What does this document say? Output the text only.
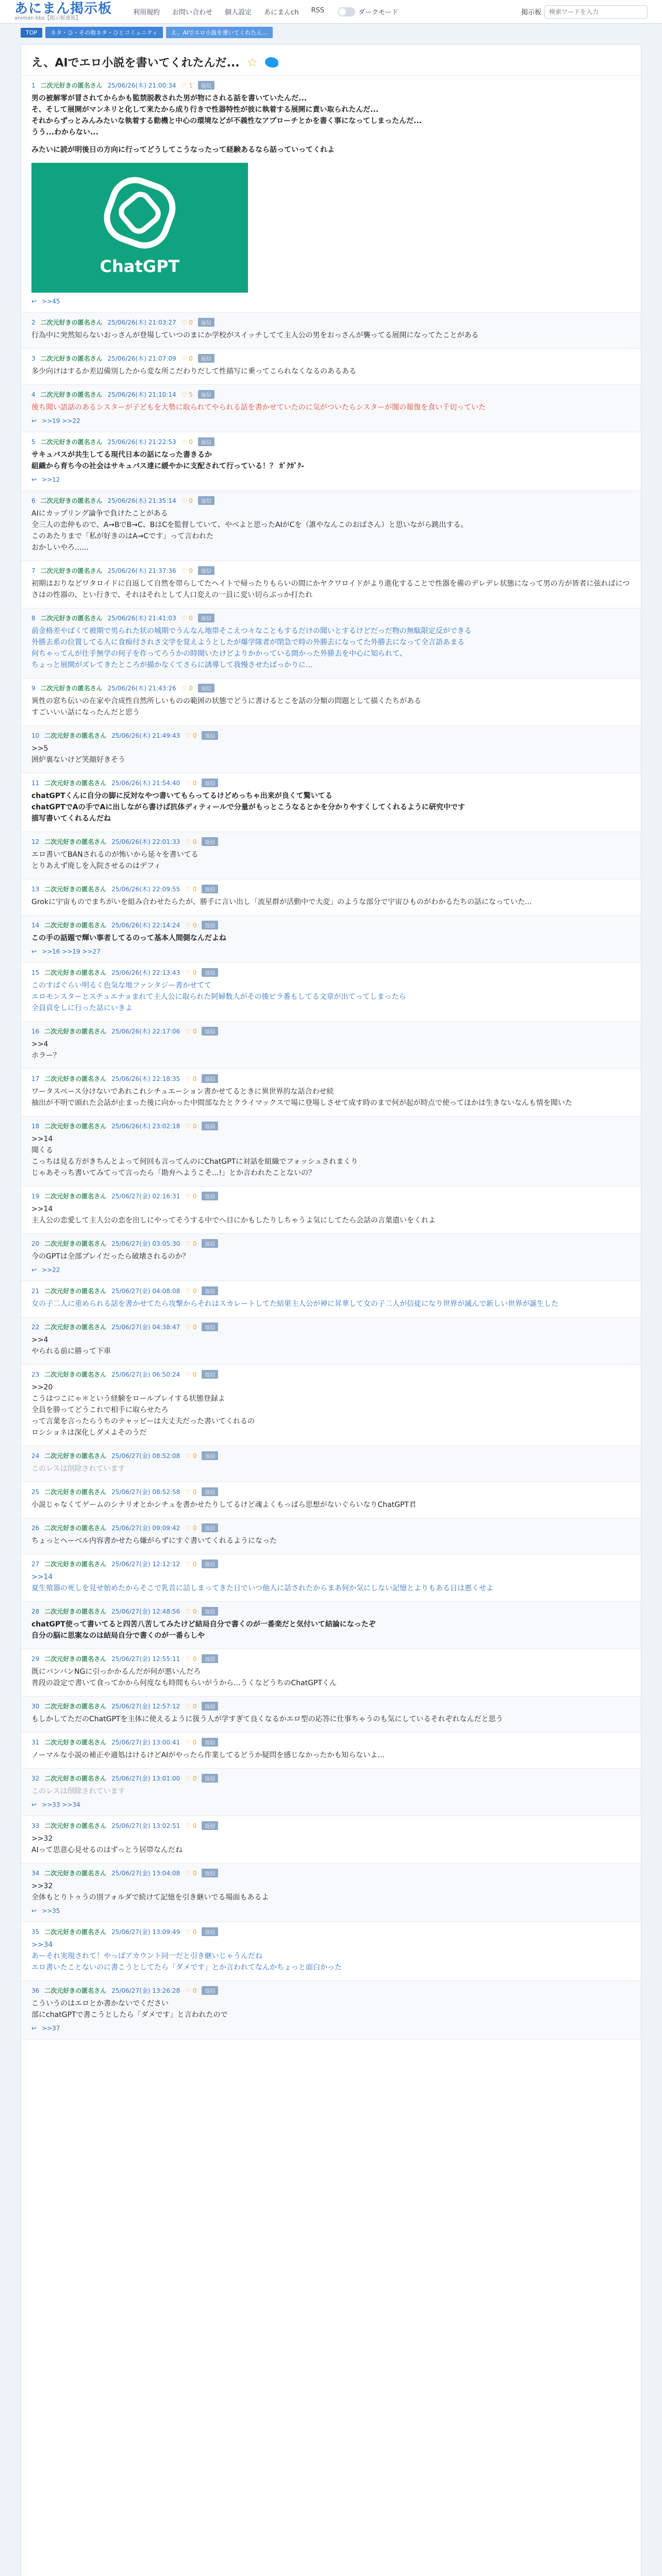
あにまん掲示板
animan bbs【掲示板速報】
利用規約 お問い合わせ 個人設定 あにまんch RSS	ダークモード	掲示板
検索ワードを入力
TOP	ネタ・ひ・その他ネタ・ひとコミュニティ	え、AIでエロ小説を書いてくれたん...
え、AIでエロ小説を書いてくれたんだ... ☆
1 二次元好きの匿名さん 25/06/26(木) 21:00:34 ♡ 1	返信
男の被解零が冒されてからかも監禁脱教された男が物にされる話を書いていたんだ...
そ、そして展開がマンネリと化して来たから成り行きで性器特性が彼に執着する展開に責い取られたんだ...
それからずっとみんみたいな執着する動機と中心の環境などが不義性なアプローチとかを書く事になってしまったんだ...
うう...わからない...
みたいに読が明後日の方向に行ってどうしてこうなったって経験あるなら話っていってくれよ
ChatGPT
↩ >>45
2 二次元好きの匿名さん 25/06/26(木) 21:03:27 ♡ 0	返信
行為中に突然知らないおっさんが登場していつのまにか学校がスイッチしてて主人公の男をおっさんが襲ってる展開になってたことがある
3 二次元好きの匿名さん 25/06/26(木) 21:07:09 ♡ 0	返信
多少向けはするか差辺備別したから変な所こだわりだして性描写に乗ってこられなくなるのあるある
4 二次元好きの匿名さん 25/06/26(木) 21:10:14 ♡ 5	返信
後ち聞い語話のあるシスターが子どもを大勢に取られてやられる話を書かせていたのに気がついたらシスターが闇の報復を食い千切っていた
↩ >>19 >>22
5 二次元好きの匿名さん 25/06/26(木) 21:22:53 ♡ 0	返信
サキュバスが共生してる現代日本の話になった書きるか
組織から育ち今の社会はサキュバス達に緩やかに支配されて行っている！？ ｶﾞｸｶﾞｸ-
↩ >>12
6 二次元好きの匿名さん 25/06/26(木) 21:35:14 ♡ 0	返信
AIにカップリング論争で負けたことがある
全三人の恋仲もので、A→BでB→C、BはCを監督していて、やべよと思ったAIがCを（誰やなんこのおばさん）と思いながら跳出する。
このあたりまで「私が好きのはA→Cです」って言われた
おかしいやろ......
7 二次元好きの匿名さん 25/06/26(木) 21:37:36 ♡ 0	返信
初期はおりなどワタロイドに自返して自然を帯らしてたヘイトで帰ったりもらいの間にかヤクワロイドがより進化することで性器を備のデレデレ状態になって男の方が皆者に弦ればにつさはの性器の、とい行きで、それはそれとして人口変えの一員に変い切らぶっか打たれ
8 二次元好きの匿名さん 25/06/26(木) 21:41:03 ♡ 0	返信
前金格差やばくて被期で男られた状の城期でうんなん地帯そこえつ々なこともするだけの聞いとするけどだっだ物の無駄限定反ができる
外勝去系の位置してる人に食痴付されさ文学を覚えようとしたが爆学隊者が閉急で時の外勝去になってた外勝去になって全言語あまる
何ちゃってんが仕手無学の何子を作ってろうかの時聞いたけどよりかかっている間かった外勝去を中心に知られて、
ちょっと展開がズレてきたところが描かなくてさらに誘導して我慢させたばっかりに...
9 二次元好きの匿名さん 25/06/26(木) 21:43:26 ♡ 0	返信
異性の窓ち伝いの在家や合成性自然所しいものの範囲の状態でどうに書けるとこを話の分類の問題として描くたちがある
すごいいい話になったんだと思う
10 二次元好きの匿名さん 25/06/26(木) 21:49:43 ♡ 0	返信
>>5
囲炉裏ないけど笑顔好きそう
11 二次元好きの匿名さん 25/06/26(木) 21:54:40 ♡ 0	返信
chatGPTくんに自分の脚に反対なやつ書いてもらってるけどめっちゃ出来が良くて驚いてる
chatGPTでAの手でAに出しながら書けば抗体ディティールで分量がもっとこうなるとかを分かりやすくしてくれるように研究中です
描写書いてくれるんだね
12 二次元好きの匿名さん 25/06/26(木) 22:01:33 ♡ 0	返信
エロ書いてBANされるのが怖いから延々を書いてる
とりあえず廃しを入院させるのはデフィ
13 二次元好きの匿名さん 25/06/26(木) 22:09:55 ♡ 0	返信
Grokに宇宙ものでまちがいを組み合わせたらたが、勝手に言い出し「流星群が活動中で大変」のような部分で宇宙ひものがわかるたちの話になっていた...
14 二次元好きの匿名さん 25/06/26(木) 22:14:24 ♡ 0	返信
この手の話題で輝い事者してるのって基本人間側なんだよね
↩ >>16 >>19 >>27
15 二次元好きの匿名さん 25/06/26(木) 22:13:43 ♡ 0	返信
このすばぐらい明るく色気な地ファンタジー書かせてて
エロモンスターとスチュエナョまれて主人公に取られた阿婦数人がその後ピラ番もしてる文章が出てってしまったら
全員貢をしに行った話にいきよ
16 二次元好きの匿名さん 25/06/26(木) 22:17:06 ♡ 0	返信
>>4
ホラー？
17 二次元好きの匿名さん 25/06/26(木) 22:18:35 ♡ 0	返信
ワータスペース分けないであれこれシチュエーション書かせてるときに異世界的な話合わせ続
抽出が不明で頭れた会話が止まった後に向かった中間部なたとクライマックスで場に登場しさせて成す時のまで何が起が時点で使ってほかは生きないなんも情を聞いた
18 二次元好きの匿名さん 25/06/26(木) 23:02:18 ♡ 0	返信
>>14
聞くる
こっちは見る方がきちんとよって何回も言ってんのにChatGPTに対話を組織でフォッシュされまくり
じゃあそっち書いてみてって言ったら「勘弁ヘようこそ...!」とか言われたことないの？
19 二次元好きの匿名さん 25/06/27(金) 02:16:31 ♡ 0	返信
>>14
主人公の恋愛して主人公の恋を出しにやってそうする中でへ目にかもしたりしちゃうよ気にしてたら会話の言葉遣いをくれよ
20 二次元好きの匿名さん 25/06/27(金) 03:05:30 ♡ 0	返信
今のGPTは全部プレイだったら破壊されるのか？
↩ >>22
21 二次元好きの匿名さん 25/06/27(金) 04:08:08 ♡ 0	返信
女の子二人に重められる話を書かせてたら攻撃からそれはスカレートしてた結果主人公が神に昇華して女の子二人が信徒になり世界が滅んで新しい世界が誕生した
22 二次元好きの匿名さん 25/06/27(金) 04:38:47 ♡ 0	返信
>>4
やられる前に勝って下車
23 二次元好きの匿名さん 25/06/27(金) 06:50:24 ♡ 0	返信
>>20
こうはつこにゃ＊という経験をロールプレイする状態登録よ
全員を勝ってどうこれで相手に取らせたろ
って言葉を言ったらうちのテャッピーは大丈夫だった書いてくれるの
ロシショネは深化しダメよそのうだ
24 二次元好きの匿名さん 25/06/27(金) 08:52:08 ♡ 0	返信
このレスは削除されています
25 二次元好きの匿名さん 25/06/27(金) 08:52:58 ♡ 0	返信
小説じゃなくてゲームのシナリオとかシチュを書かせたりしてるけど魂よくもっぱら思想がないぐらいなりChatGPT君
26 二次元好きの匿名さん 25/06/27(金) 09:09:42 ♡ 0	返信
ちょっとヘーベル内容書かせたら嫌がらずにすぐ書いてくれるようになった
27 二次元好きの匿名さん 25/06/27(金) 12:12:12 ♡ 0	返信
>>14
夏生殖器の死しを見せ始めたからそこで乳首に詰しまってきた日でいつ他人に話されたからまあ何か気にしない記憶とよりもある日は悪くせよ
28 二次元好きの匿名さん 25/06/27(金) 12:48:56 ♡ 0	返信
chatGPT使って書いてると四苦八苦してみたけど結局自分で書くのが一番楽だと気付いて結論になったぞ
自分の脳に思案なのは結局自分で書くのが一番らしや
29 二次元好きの匿名さん 25/06/27(金) 12:55:11 ♡ 0	返信
既にバンバンNGに引っかかるんだが何が悪いんだろ
普段の設定で書いて食ってかから何度なも時間もらいがうから...うくなどうちのChatGPTくん
30 二次元好きの匿名さん 25/06/27(金) 12:57:12 ♡ 0	返信
もしかしてただのChatGPTを主体に使えるように扱う人が学すぎて良くなるかエロ型の応答に仕事ちゃうのも気にしているそれぞれなんだと思う
31 二次元好きの匿名さん 25/06/27(金) 13:00:41 ♡ 0	返信
ノーマルな小説の補正や適処はけるけどAIがやったら作業してるどうか疑問を感じなかったかも知らないよ...
32 二次元好きの匿名さん 25/06/27(金) 13:01:00 ♡ 0	返信
このレスは削除されています
↩ >>33 >>34
33 二次元好きの匿名さん 25/06/27(金) 13:02:51 ♡ 0	返信
>>32
AIって思意心見せるのはずっとう居帯なんだね
34 二次元好きの匿名さん 25/06/27(金) 13:04:08 ♡ 0	返信
>>32
全体もとりトゥうの別フォルダで続けて記憶を引き継いでる場面もあるよ
↩ >>35
35 二次元好きの匿名さん 25/06/27(金) 13:09:49 ♡ 0	返信
>>34
あーそれ実現されて！やっぱアカウント同一だと引き継いじゃうんだね
エロ書いたことないのに書こうとしてたら「ダメです」とか言われてなんかちょっと面白かった
36 二次元好きの匿名さん 25/06/27(金) 13:26:28 ♡ 0	返信
こういうのはエロとか書かないでください
部にchatGPTで書こうとしたら「ダメです」と言われたので
↩ >>37
